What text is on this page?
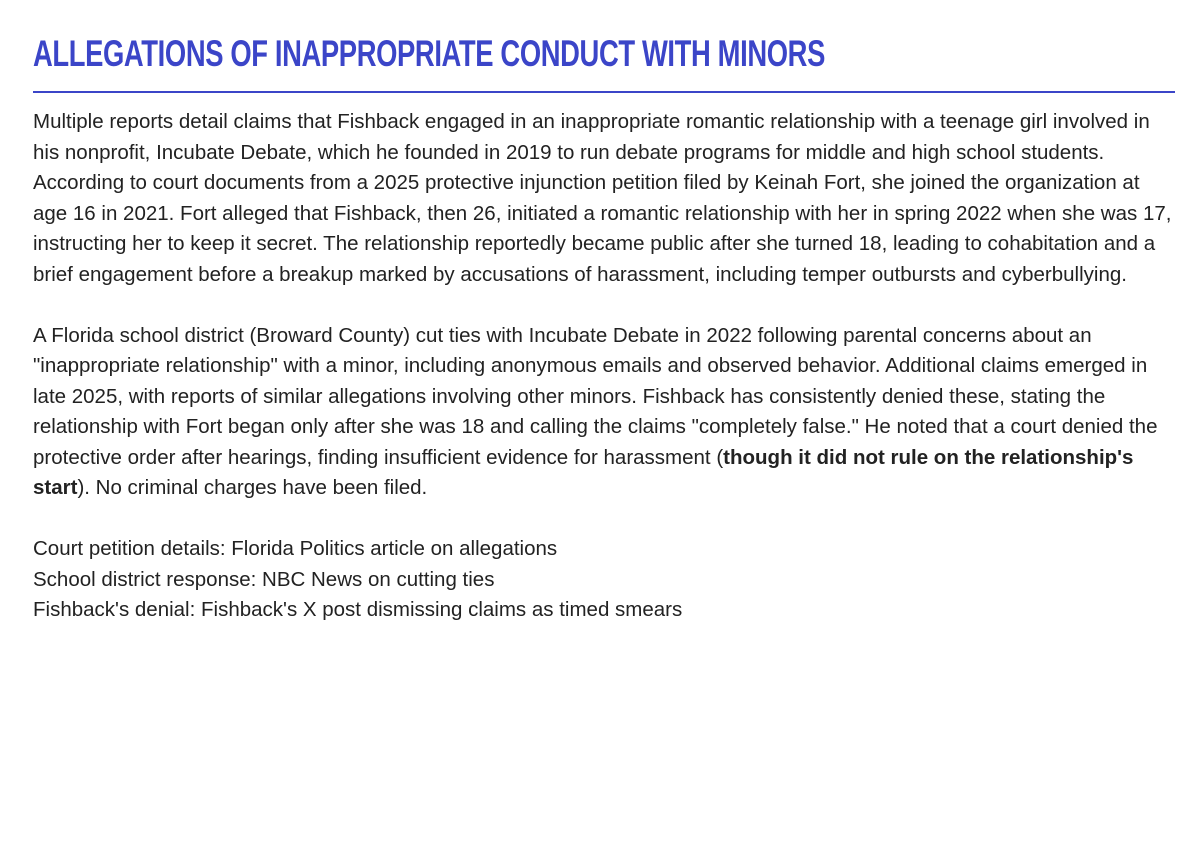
ALLEGATIONS OF INAPPROPRIATE CONDUCT WITH MINORS

Multiple reports detail claims that Fishback engaged in an inappropriate romantic relationship with a teenage girl involved in his nonprofit, Incubate Debate, which he founded in 2019 to run debate programs for middle and high school students. According to court documents from a 2025 protective injunction petition filed by Keinah Fort, she joined the organization at age 16 in 2021. Fort alleged that Fishback, then 26, initiated a romantic relationship with her in spring 2022 when she was 17, instructing her to keep it secret. The relationship reportedly became public after she turned 18, leading to cohabitation and a brief engagement before a breakup marked by accusations of harassment, including temper outbursts and cyberbullying.

A Florida school district (Broward County) cut ties with Incubate Debate in 2022 following parental concerns about an "inappropriate relationship" with a minor, including anonymous emails and observed behavior. Additional claims emerged in late 2025, with reports of similar allegations involving other minors. Fishback has consistently denied these, stating the relationship with Fort began only after she was 18 and calling the claims "completely false." He noted that a court denied the protective order after hearings, finding insufficient evidence for harassment (though it did not rule on the relationship's start). No criminal charges have been filed.

Court petition details: Florida Politics article on allegations
School district response: NBC News on cutting ties
Fishback's denial: Fishback's X post dismissing claims as timed smears
